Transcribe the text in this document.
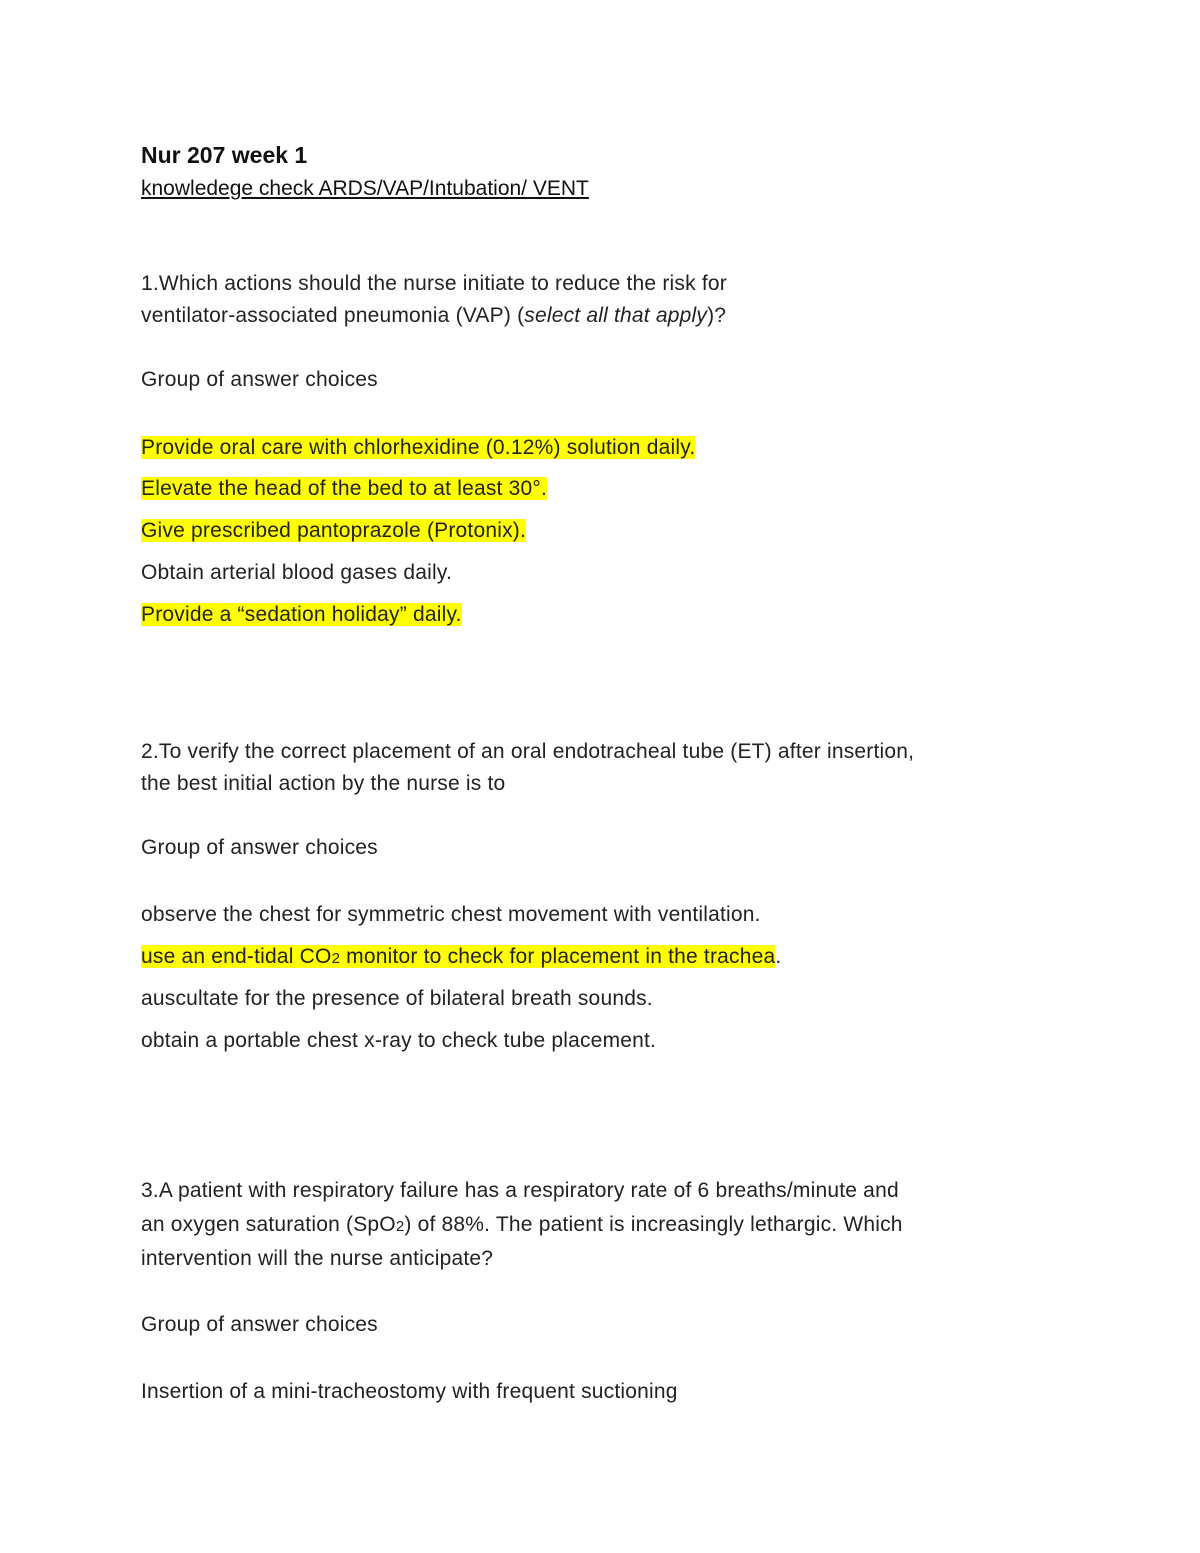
Nur 207 week 1
knowledege check ARDS/VAP/Intubation/ VENT
1.Which actions should the nurse initiate to reduce the risk for
ventilator-associated pneumonia (VAP) (select all that apply)?
Group of answer choices
Provide oral care with chlorhexidine (0.12%) solution daily.
Elevate the head of the bed to at least 30°.
Give prescribed pantoprazole (Protonix).
Obtain arterial blood gases daily.
Provide a “sedation holiday” daily.
2.To verify the correct placement of an oral endotracheal tube (ET) after insertion,
the best initial action by the nurse is to
Group of answer choices
observe the chest for symmetric chest movement with ventilation.
use an end-tidal CO2 monitor to check for placement in the trachea.
auscultate for the presence of bilateral breath sounds.
obtain a portable chest x-ray to check tube placement.
3.A patient with respiratory failure has a respiratory rate of 6 breaths/minute and
an oxygen saturation (SpO2) of 88%. The patient is increasingly lethargic. Which
intervention will the nurse anticipate?
Group of answer choices
Insertion of a mini-tracheostomy with frequent suctioning
